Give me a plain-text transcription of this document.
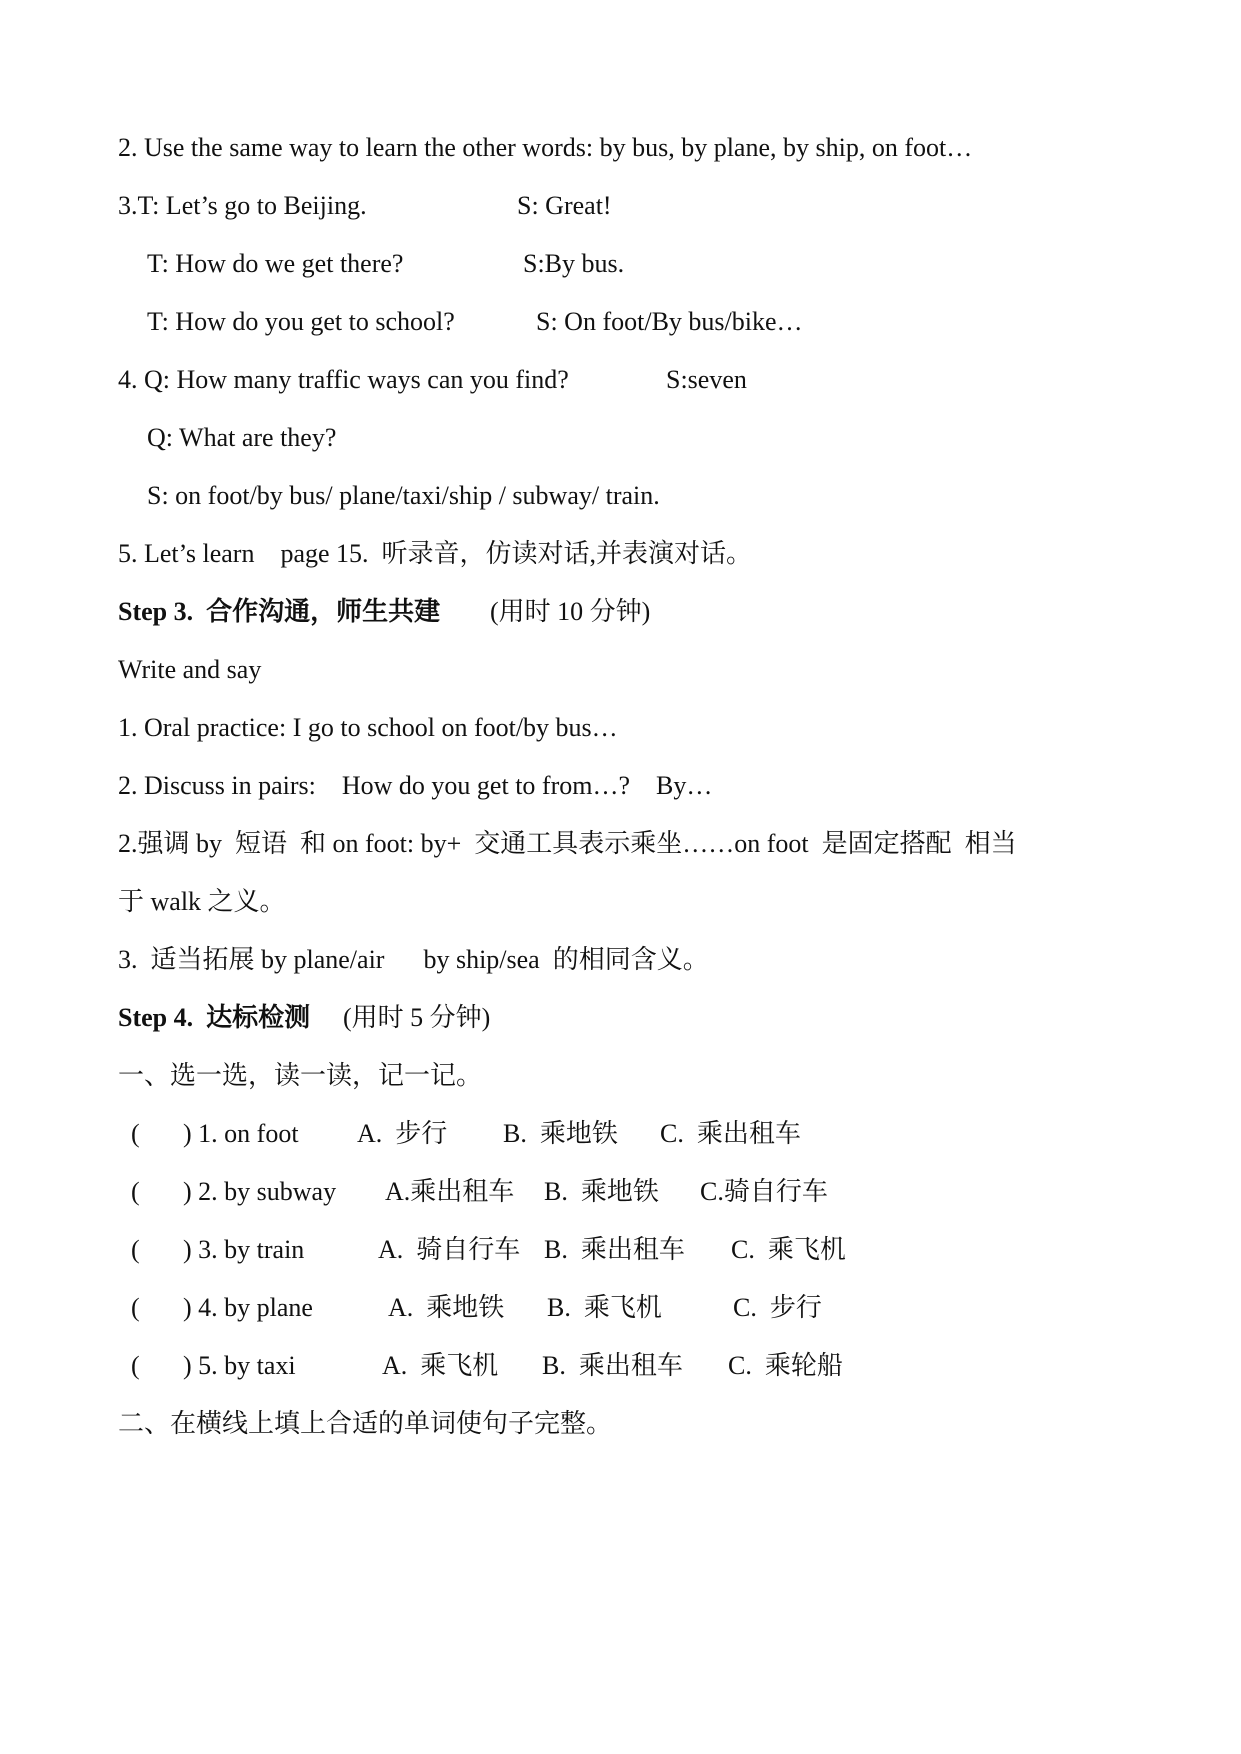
2. Use the same way to learn the other words: by bus, by plane, by ship, on foot…
3.T: Let’s go to Beijing.	S: Great!
T: How do we get there?	S:By bus.
T: How do you get to school?	S: On foot/By bus/bike…
4. Q: How many traffic ways can you find?	S:seven
Q: What are they?
S: on foot/by bus/ plane/taxi/ship / subway/ train.
5. Let’s learn    page 15.  听录音，仿读对话,并表演对话。
Step 3.  合作沟通，师生共建 (用时 10 分钟)
Write and say
1. Oral practice: I go to school on foot/by bus…
2. Discuss in pairs:    How do you get to from…?    By…
2.强调 by  短语  和 on foot: by+  交通工具表示乘坐……on foot  是固定搭配  相当
于 walk 之义。
3.  适当拓展 by plane/air      by ship/sea  的相同含义。
Step 4.  达标检测 (用时 5 分钟)
一、选一选，读一读，记一记。
( ) 1. on foot A.  步行 B.  乘地铁 C.  乘出租车
( ) 2. by subway A.乘出租车 B.  乘地铁 C.骑自行车
( ) 3. by train	A.  骑自行车 B.  乘出租车 C.  乘飞机
( ) 4. by plane	A.  乘地铁 B.  乘飞机	C.  步行
( ) 5. by taxi	A.  乘飞机 B.  乘出租车 C.  乘轮船
二、在横线上填上合适的单词使句子完整。
